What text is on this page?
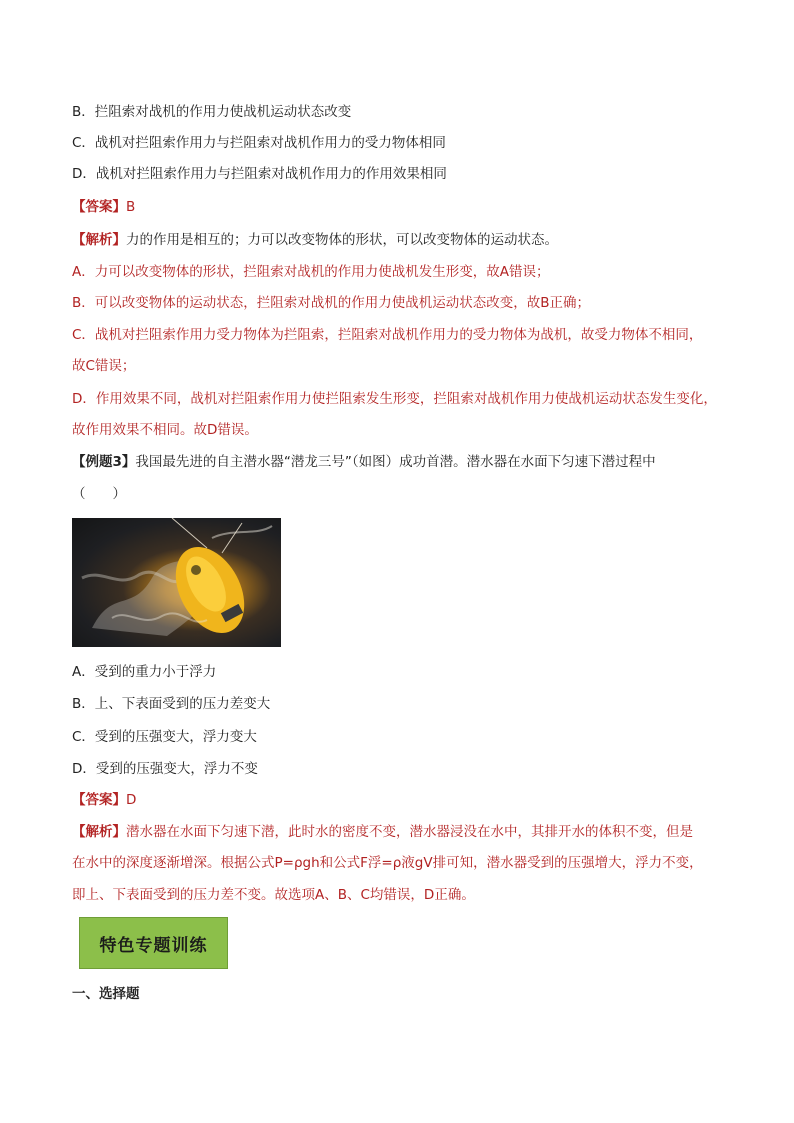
B．拦阻索对战机的作用力使战机运动状态改变
C．战机对拦阻索作用力与拦阻索对战机作用力的受力物体相同
D．战机对拦阻索作用力与拦阻索对战机作用力的作用效果相同
【答案】B
【解析】力的作用是相互的；力可以改变物体的形状，可以改变物体的运动状态。
A．力可以改变物体的形状，拦阻索对战机的作用力使战机发生形变，故A错误；
B．可以改变物体的运动状态，拦阻索对战机的作用力使战机运动状态改变，故B正确；
C．战机对拦阻索作用力受力物体为拦阻索，拦阻索对战机作用力的受力物体为战机，故受力物体不相同，
故C错误；
D．作用效果不同，战机对拦阻索作用力使拦阻索发生形变，拦阻索对战机作用力使战机运动状态发生变化，
故作用效果不相同。故D错误。
【例题3】我国最先进的自主潜水器“潜龙三号”（如图）成功首潜。潜水器在水面下匀速下潜过程中
（　　）
A．受到的重力小于浮力
B．上、下表面受到的压力差变大
C．受到的压强变大，浮力变大
D．受到的压强变大，浮力不变
【答案】D
【解析】潜水器在水面下匀速下潜，此时水的密度不变，潜水器浸没在水中，其排开水的体积不变，但是
在水中的深度逐渐增深。根据公式P=ρgh和公式F浮=ρ液gV排可知，潜水器受到的压强增大，浮力不变，
即上、下表面受到的压力差不变。故选项A、B、C均错误，D正确。
特色专题训练
一、选择题
